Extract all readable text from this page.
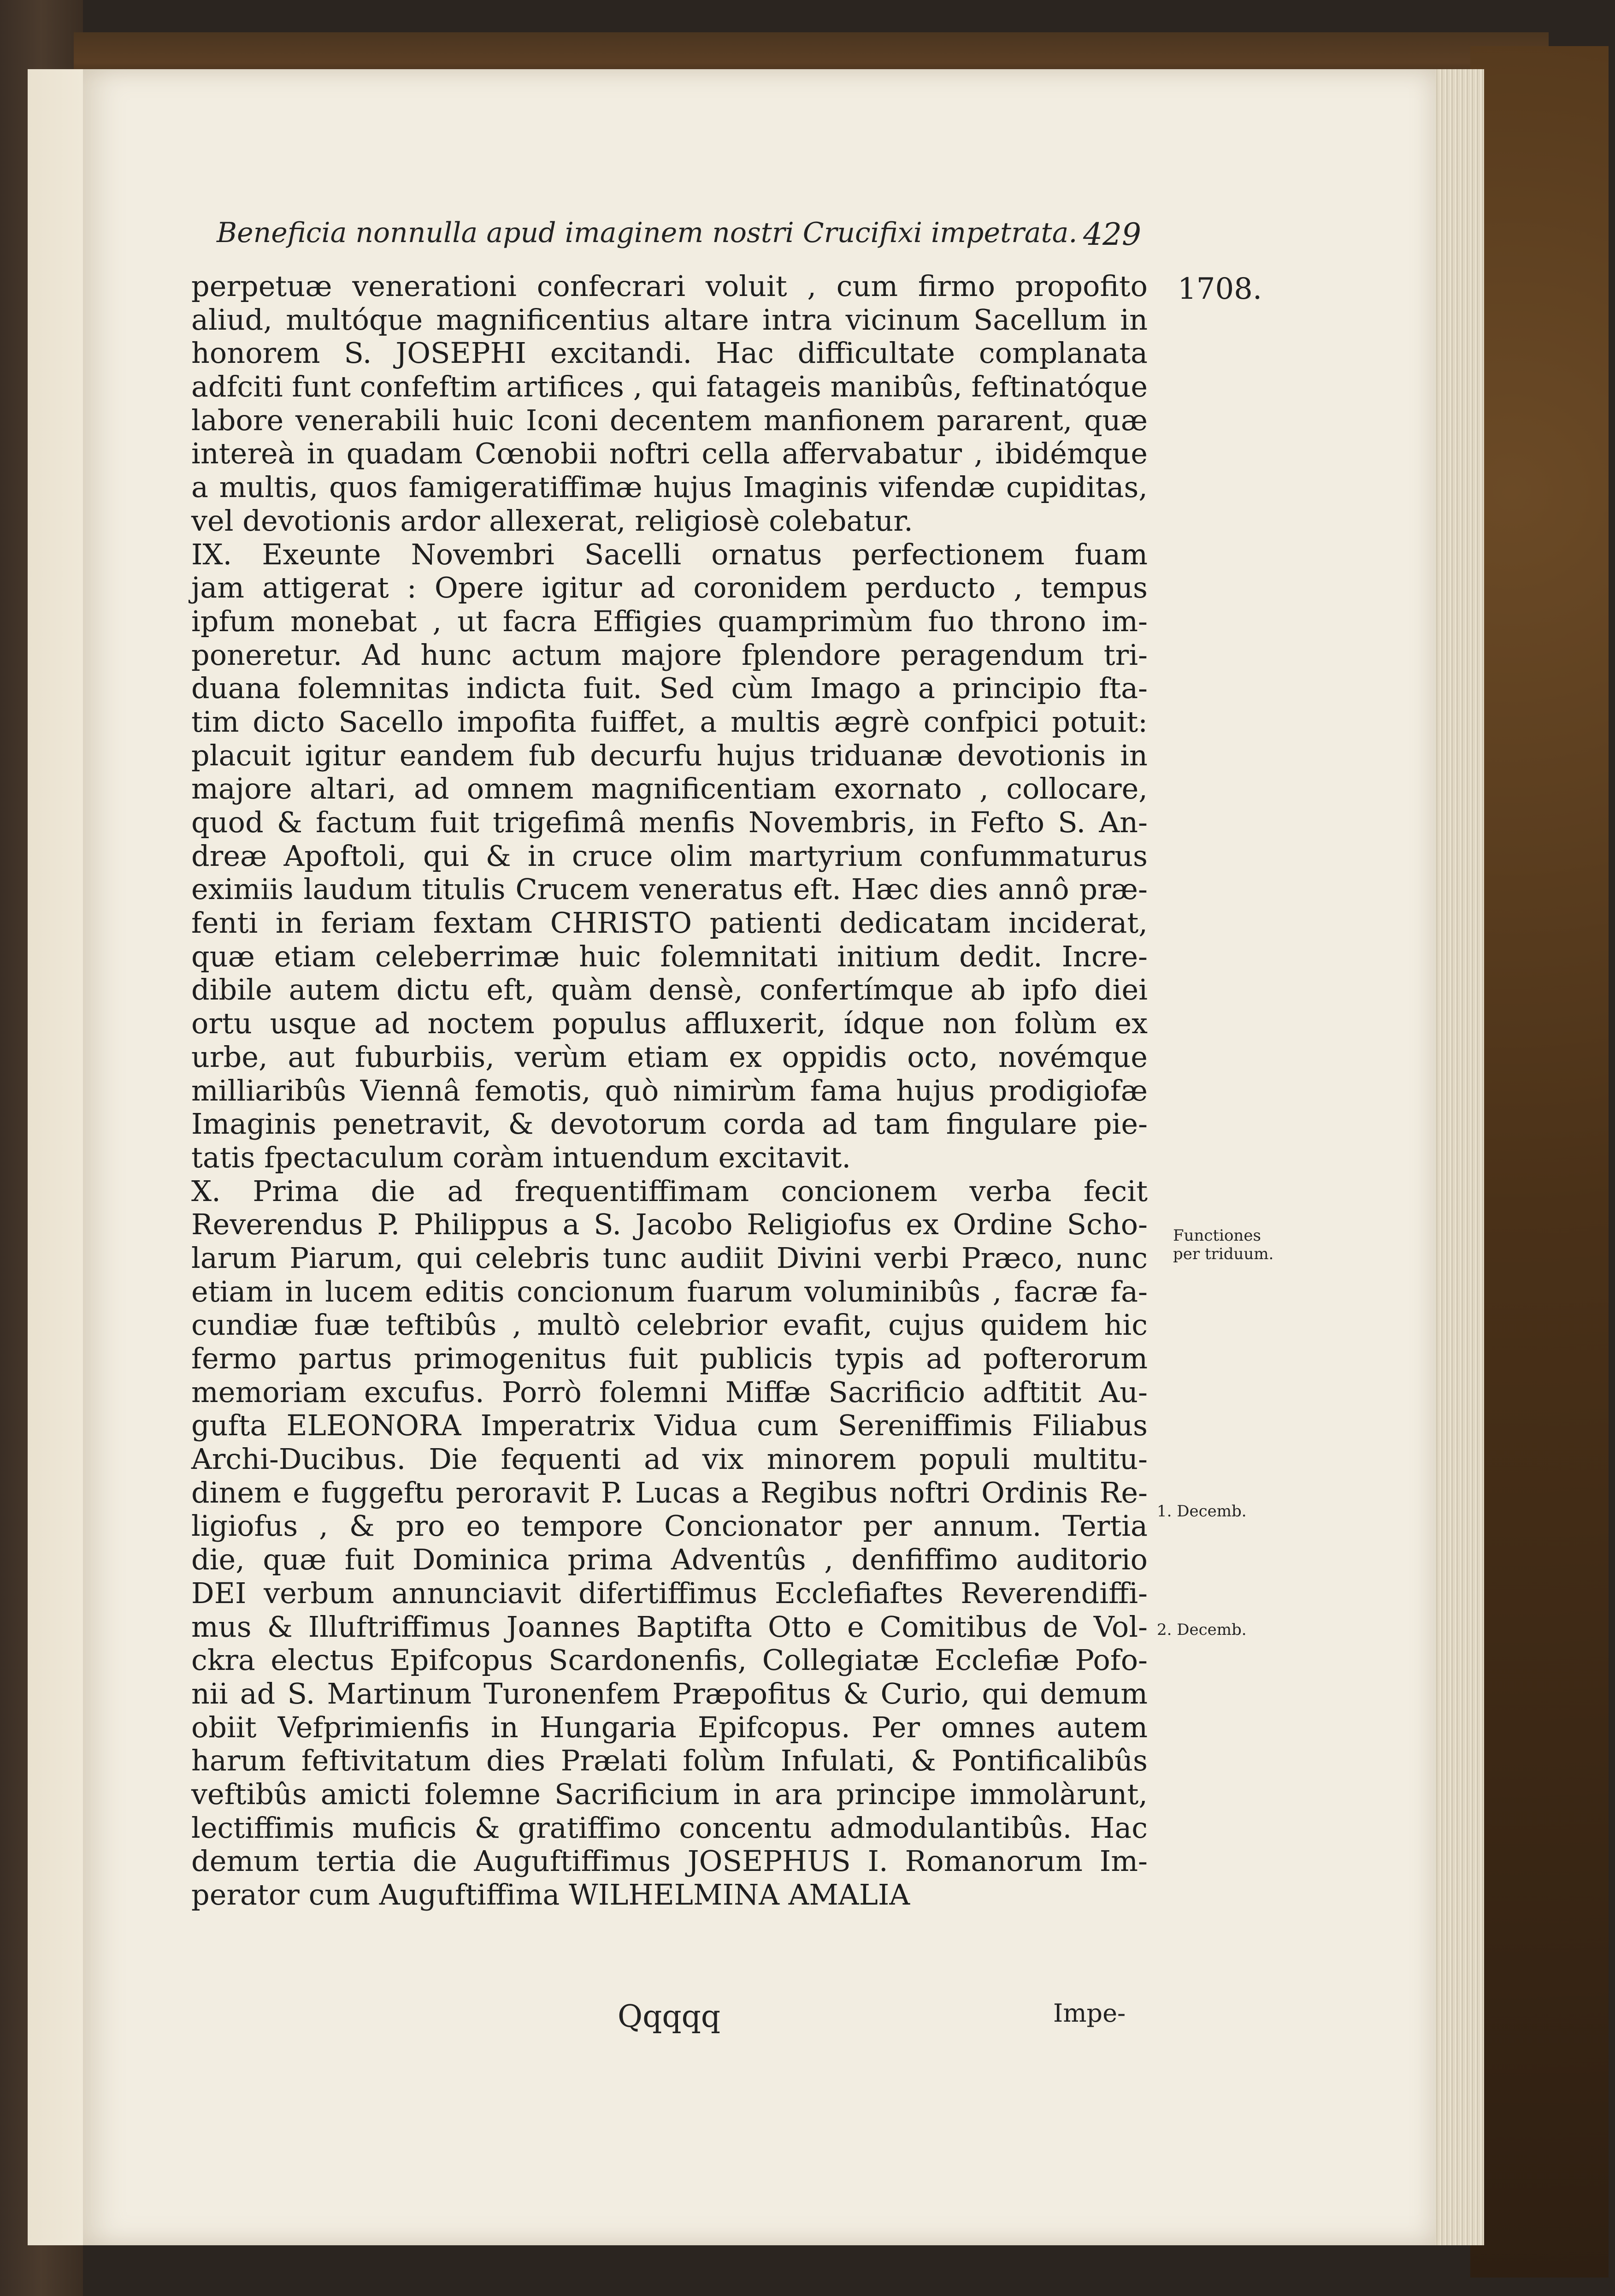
Beneficia nonnulla apud imaginem nostri Crucifixi impetrata. 429
1708.
Functiones
per triduum.
1. Decemb.
2. Decemb.
perpetuæ venerationi confecrari voluit , cum firmo propofito
aliud, multóque magnificentius altare intra vicinum Sacellum in
honorem S. JOSEPHI excitandi. Hac difficultate complanata
adfciti funt confeftim artifices , qui fatageis manibûs, feftinatóque
labore venerabili huic Iconi decentem manfionem pararent, quæ
intereà in quadam Cœnobii noftri cella affervabatur , ibidémque
a multis, quos famigeratiffimæ hujus Imaginis vifendæ cupiditas,
vel devotionis ardor allexerat, religiosè colebatur.
IX. Exeunte Novembri Sacelli ornatus perfectionem fuam
jam attigerat : Opere igitur ad coronidem perducto , tempus
ipfum monebat , ut facra Effigies quamprimùm fuo throno im-
poneretur. Ad hunc actum majore fplendore peragendum tri-
duana folemnitas indicta fuit. Sed cùm Imago a principio fta-
tim dicto Sacello impofita fuiffet, a multis ægrè confpici potuit:
placuit igitur eandem fub decurfu hujus triduanæ devotionis in
majore altari, ad omnem magnificentiam exornato , collocare,
quod & factum fuit trigefimâ menfis Novembris, in Fefto S. An-
dreæ Apoftoli, qui & in cruce olim martyrium confummaturus
eximiis laudum titulis Crucem veneratus eft. Hæc dies annô præ-
fenti in feriam fextam CHRISTO patienti dedicatam inciderat,
quæ etiam celeberrimæ huic folemnitati initium dedit. Incre-
dibile autem dictu eft, quàm densè, confertímque ab ipfo diei
ortu usque ad noctem populus affluxerit, ídque non folùm ex
urbe, aut fuburbiis, verùm etiam ex oppidis octo, novémque
milliaribûs Viennâ femotis, quò nimirùm fama hujus prodigiofæ
Imaginis penetravit, & devotorum corda ad tam fingulare pie-
tatis fpectaculum coràm intuendum excitavit.
X. Prima die ad frequentiffimam concionem verba fecit
Reverendus P. Philippus a S. Jacobo Religiofus ex Ordine Scho-
larum Piarum, qui celebris tunc audiit Divini verbi Præco, nunc
etiam in lucem editis concionum fuarum voluminibûs , facræ fa-
cundiæ fuæ teftibûs , multò celebrior evafit, cujus quidem hic
fermo partus primogenitus fuit publicis typis ad pofterorum
memoriam excufus. Porrò folemni Miffæ Sacrificio adftitit Au-
gufta ELEONORA Imperatrix Vidua cum Sereniffimis Filiabus
Archi-Ducibus. Die fequenti ad vix minorem populi multitu-
dinem e fuggeftu peroravit P. Lucas a Regibus noftri Ordinis Re-
ligiofus , & pro eo tempore Concionator per annum. Tertia
die, quæ fuit Dominica prima Adventûs , denfiffimo auditorio
DEI verbum annunciavit difertiffimus Ecclefiaftes Reverendiffi-
mus & Illuftriffimus Joannes Baptifta Otto e Comitibus de Vol-
ckra electus Epifcopus Scardonenfis, Collegiatæ Ecclefiæ Pofo-
nii ad S. Martinum Turonenfem Præpofitus & Curio, qui demum
obiit Vefprimienfis in Hungaria Epifcopus. Per omnes autem
harum feftivitatum dies Prælati folùm Infulati, & Pontificalibûs
veftibûs amicti folemne Sacrificium in ara principe immolàrunt,
lectiffimis muficis & gratiffimo concentu admodulantibûs. Hac
demum tertia die Auguftiffimus JOSEPHUS I. Romanorum Im-
perator cum Auguftiffima WILHELMINA AMALIA
Qqqqq	Impe-
